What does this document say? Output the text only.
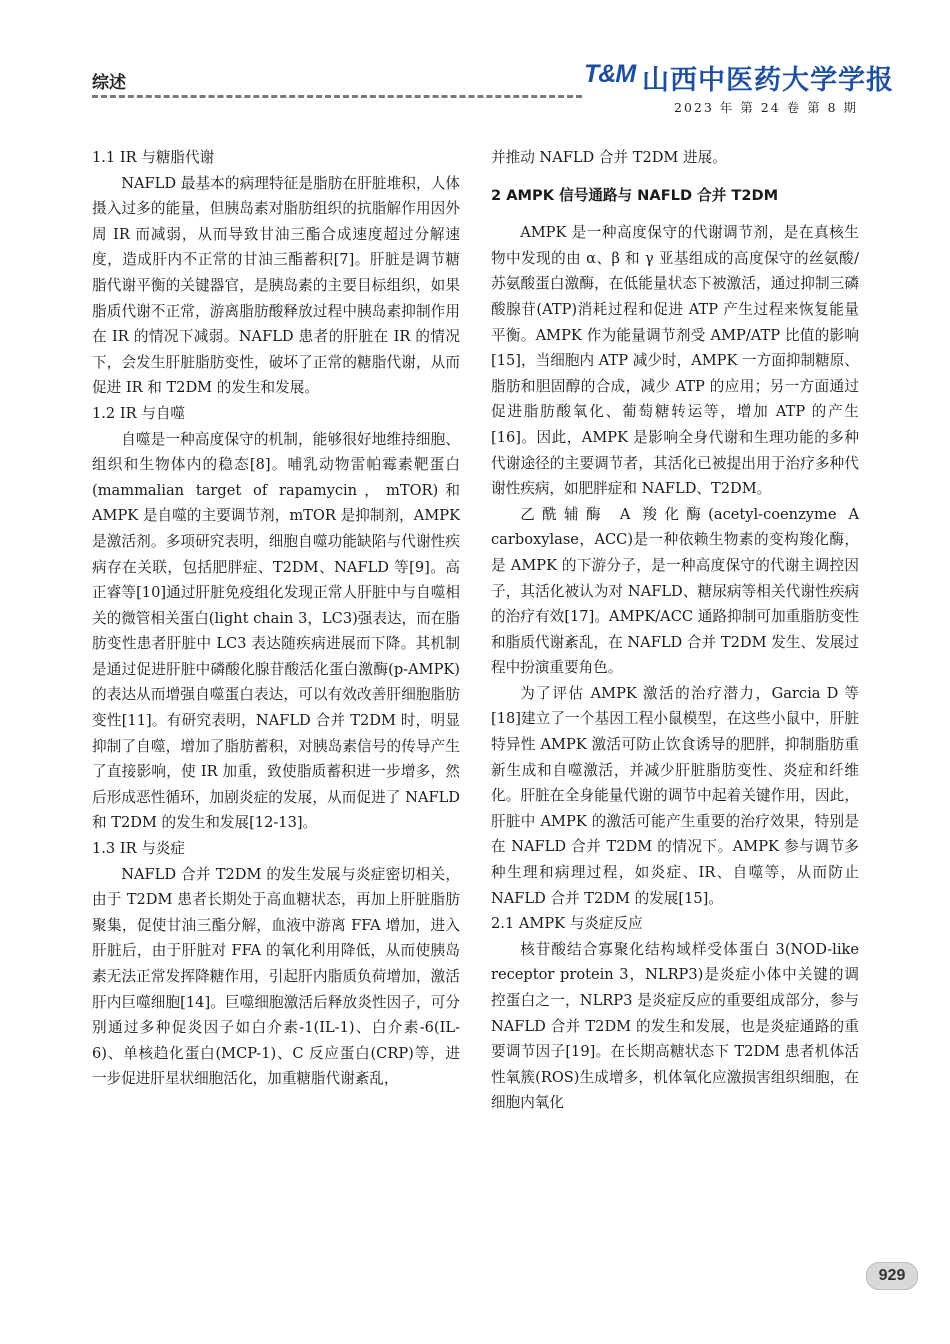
综述	T&M 山西中医药大学学报
2023 年 第 24 卷 第 8 期
1.1 IR 与糖脂代谢

NAFLD 最基本的病理特征是脂肪在肝脏堆积，人体摄入过多的能量，但胰岛素对脂肪组织的抗脂解作用因外周 IR 而减弱，从而导致甘油三酯合成速度超过分解速度，造成肝内不正常的甘油三酯蓄积[7]。肝脏是调节糖脂代谢平衡的关键器官，是胰岛素的主要目标组织，如果脂质代谢不正常，游离脂肪酸释放过程中胰岛素抑制作用在 IR 的情况下减弱。NAFLD 患者的肝脏在 IR 的情况下，会发生肝脏脂肪变性，破坏了正常的糖脂代谢，从而促进 IR 和 T2DM 的发生和发展。

1.2 IR 与自噬

自噬是一种高度保守的机制，能够很好地维持细胞、组织和生物体内的稳态[8]。哺乳动物雷帕霉素靶蛋白(mammalian target of rapamycin，mTOR)和 AMPK 是自噬的主要调节剂，mTOR 是抑制剂，AMPK 是激活剂。多项研究表明，细胞自噬功能缺陷与代谢性疾病存在关联，包括肥胖症、T2DM、NAFLD 等[9]。高正睿等[10]通过肝脏免疫组化发现正常人肝脏中与自噬相关的微管相关蛋白(light chain 3，LC3)强表达，而在脂肪变性患者肝脏中 LC3 表达随疾病进展而下降。其机制是通过促进肝脏中磷酸化腺苷酸活化蛋白激酶(p-AMPK)的表达从而增强自噬蛋白表达，可以有效改善肝细胞脂肪变性[11]。有研究表明，NAFLD 合并 T2DM 时，明显抑制了自噬，增加了脂肪蓄积，对胰岛素信号的传导产生了直接影响，使 IR 加重，致使脂质蓄积进一步增多，然后形成恶性循环，加剧炎症的发展，从而促进了 NAFLD 和 T2DM 的发生和发展[12-13]。

1.3 IR 与炎症

NAFLD 合并 T2DM 的发生发展与炎症密切相关，由于 T2DM 患者长期处于高血糖状态，再加上肝脏脂肪聚集，促使甘油三酯分解，血液中游离 FFA 增加，进入肝脏后，由于肝脏对 FFA 的氧化利用降低，从而使胰岛素无法正常发挥降糖作用，引起肝内脂质负荷增加，激活肝内巨噬细胞[14]。巨噬细胞激活后释放炎性因子，可分别通过多种促炎因子如白介素-1(IL-1)、白介素-6(IL-6)、单核趋化蛋白(MCP-1)、C 反应蛋白(CRP)等，进一步促进肝星状细胞活化，加重糖脂代谢紊乱，

并推动 NAFLD 合并 T2DM 进展。

2 AMPK 信号通路与 NAFLD 合并 T2DM

AMPK 是一种高度保守的代谢调节剂，是在真核生物中发现的由 α、β 和 γ 亚基组成的高度保守的丝氨酸/苏氨酸蛋白激酶，在低能量状态下被激活，通过抑制三磷酸腺苷(ATP)消耗过程和促进 ATP 产生过程来恢复能量平衡。AMPK 作为能量调节剂受 AMP/ATP 比值的影响[15]，当细胞内 ATP 减少时，AMPK 一方面抑制糖原、脂肪和胆固醇的合成，减少 ATP 的应用；另一方面通过促进脂肪酸氧化、葡萄糖转运等，增加 ATP 的产生[16]。因此，AMPK 是影响全身代谢和生理功能的多种代谢途径的主要调节者，其活化已被提出用于治疗多种代谢性疾病，如肥胖症和 NAFLD、T2DM。

乙酰辅酶 A 羧化酶(acetyl-coenzyme A carboxylase，ACC)是一种依赖生物素的变构羧化酶，是 AMPK 的下游分子，是一种高度保守的代谢主调控因子，其活化被认为对 NAFLD、糖尿病等相关代谢性疾病的治疗有效[17]。AMPK/ACC 通路抑制可加重脂肪变性和脂质代谢紊乱，在 NAFLD 合并 T2DM 发生、发展过程中扮演重要角色。

为了评估 AMPK 激活的治疗潜力，Garcia D 等[18]建立了一个基因工程小鼠模型，在这些小鼠中，肝脏特异性 AMPK 激活可防止饮食诱导的肥胖，抑制脂肪重新生成和自噬激活，并减少肝脏脂肪变性、炎症和纤维化。肝脏在全身能量代谢的调节中起着关键作用，因此，肝脏中 AMPK 的激活可能产生重要的治疗效果，特别是在 NAFLD 合并 T2DM 的情况下。AMPK 参与调节多种生理和病理过程，如炎症、IR、自噬等，从而防止 NAFLD 合并 T2DM 的发展[15]。

2.1 AMPK 与炎症反应

核苷酸结合寡聚化结构域样受体蛋白 3(NOD-like receptor protein 3，NLRP3)是炎症小体中关键的调控蛋白之一，NLRP3 是炎症反应的重要组成部分，参与 NAFLD 合并 T2DM 的发生和发展，也是炎症通路的重要调节因子[19]。在长期高糖状态下 T2DM 患者机体活性氧簇(ROS)生成增多，机体氧化应激损害组织细胞，在细胞内氧化

929
